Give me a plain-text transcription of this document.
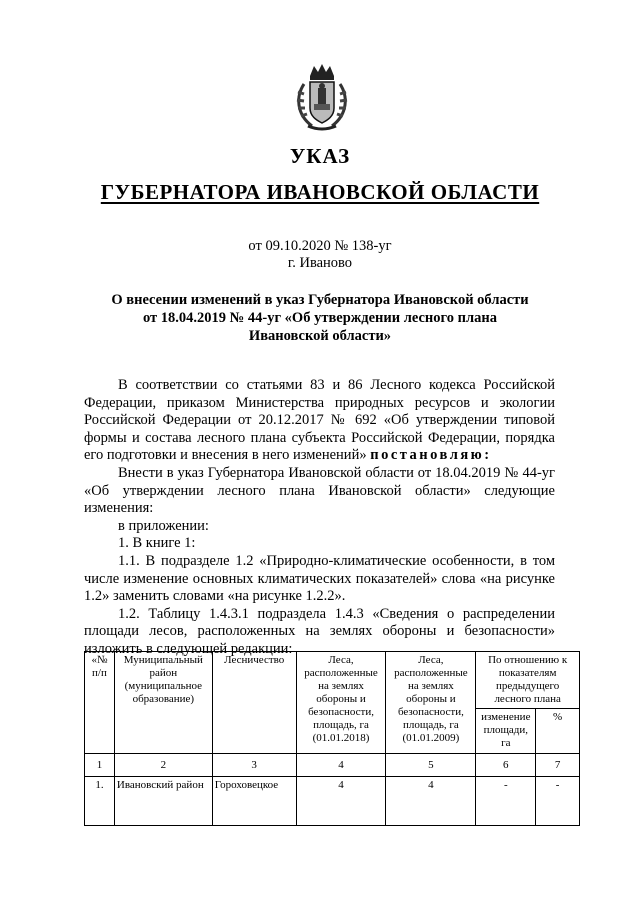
УКАЗ
ГУБЕРНАТОРА ИВАНОВСКОЙ ОБЛАСТИ
от 09.10.2020 № 138-уг
г. Иваново
О внесении изменений в указ Губернатора Ивановской области
от 18.04.2019 № 44-уг «Об утверждении лесного плана
Ивановской области»

В соответствии со статьями 83 и 86 Лесного кодекса Российской Федерации, приказом Министерства природных ресурсов и экологии Российской Федерации от 20.12.2017 № 692 «Об утверждении типовой формы и состава лесного плана субъекта Российской Федерации, порядка его подготовки и внесения в него изменений» постановляю:

Внести в указ Губернатора Ивановской области от 18.04.2019 № 44-уг «Об утверждении лесного плана Ивановской области» следующие изменения:

в приложении:

1. В книге 1:

1.1. В подразделе 1.2 «Природно-климатические особенности, в том числе изменение основных климатических показателей» слова «на рисунке 1.2» заменить словами «на рисунке 1.2.2».

1.2. Таблицу 1.4.3.1 подраздела 1.4.3 «Сведения о распределении площади лесов, расположенных на землях обороны и безопасности» изложить в следующей редакции:

«№ п/п	Муниципальный район (муниципальное образование)	Лесничество	Леса, расположенные на землях обороны и безопасности, площадь, га (01.01.2018)	Леса, расположенные на землях обороны и безопасности, площадь, га (01.01.2009)	По отношению к показателям предыдущего лесного плана	
					изменение площади, га	%
1	2	3	4	5	6	7
1.	Ивановский район	Гороховецкое	4	4	-	-
